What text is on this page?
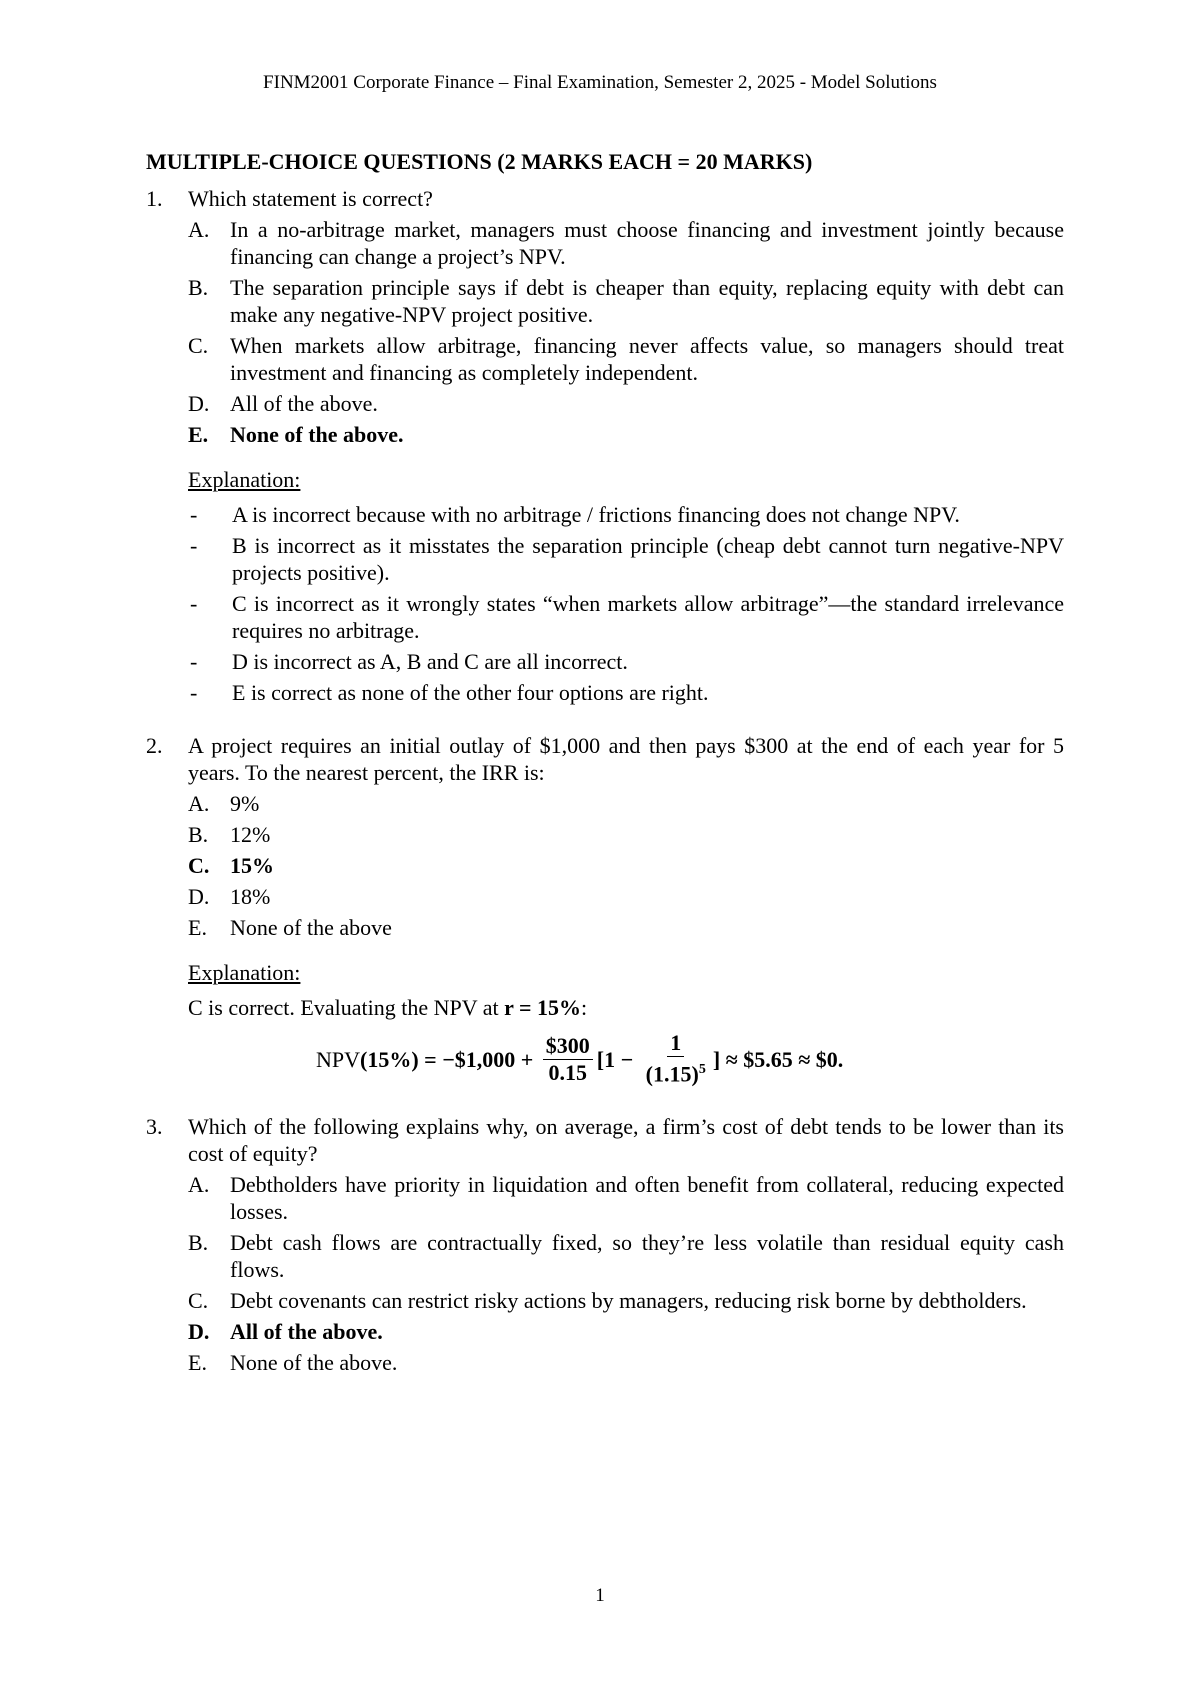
FINM2001 Corporate Finance – Final Examination, Semester 2, 2025 - Model Solutions
MULTIPLE-CHOICE QUESTIONS (2 MARKS EACH = 20 MARKS)
1.	Which statement is correct?
A. In a no-arbitrage market, managers must choose financing and investment jointly because financing can change a project’s NPV.
B. The separation principle says if debt is cheaper than equity, replacing equity with debt can make any negative-NPV project positive.
C. When markets allow arbitrage, financing never affects value, so managers should treat investment and financing as completely independent.
D. All of the above.
E. None of the above.
Explanation:
-	A is incorrect because with no arbitrage / frictions financing does not change NPV.
-	B is incorrect as it misstates the separation principle (cheap debt cannot turn negative-NPV projects positive).
-	C is incorrect as it wrongly states “when markets allow arbitrage”—the standard irrelevance requires no arbitrage.
-	D is incorrect as A, B and C are all incorrect.
-	E is correct as none of the other four options are right.
2.	A project requires an initial outlay of $1,000 and then pays $300 at the end of each year for 5 years. To the nearest percent, the IRR is:
A. 9%
B. 12%
C. 15%
D. 18%
E.	None of the above
Explanation:
C is correct. Evaluating the NPV at r = 15%:
NPV (15%) = −$1,000 + $\frac{\$300}{0.15} [1 - \frac{1}{(1.15)^5}$ ] ≈ $5.65 ≈ $0.
3.	Which of the following explains why, on average, a firm’s cost of debt tends to be lower than its cost of equity?
A. Debtholders have priority in liquidation and often benefit from collateral, reducing expected losses.
B. Debt cash flows are contractually fixed, so they’re less volatile than residual equity cash flows.
C. Debt covenants can restrict risky actions by managers, reducing risk borne by debtholders.
D. All of the above.
E.	None of the above.
1
